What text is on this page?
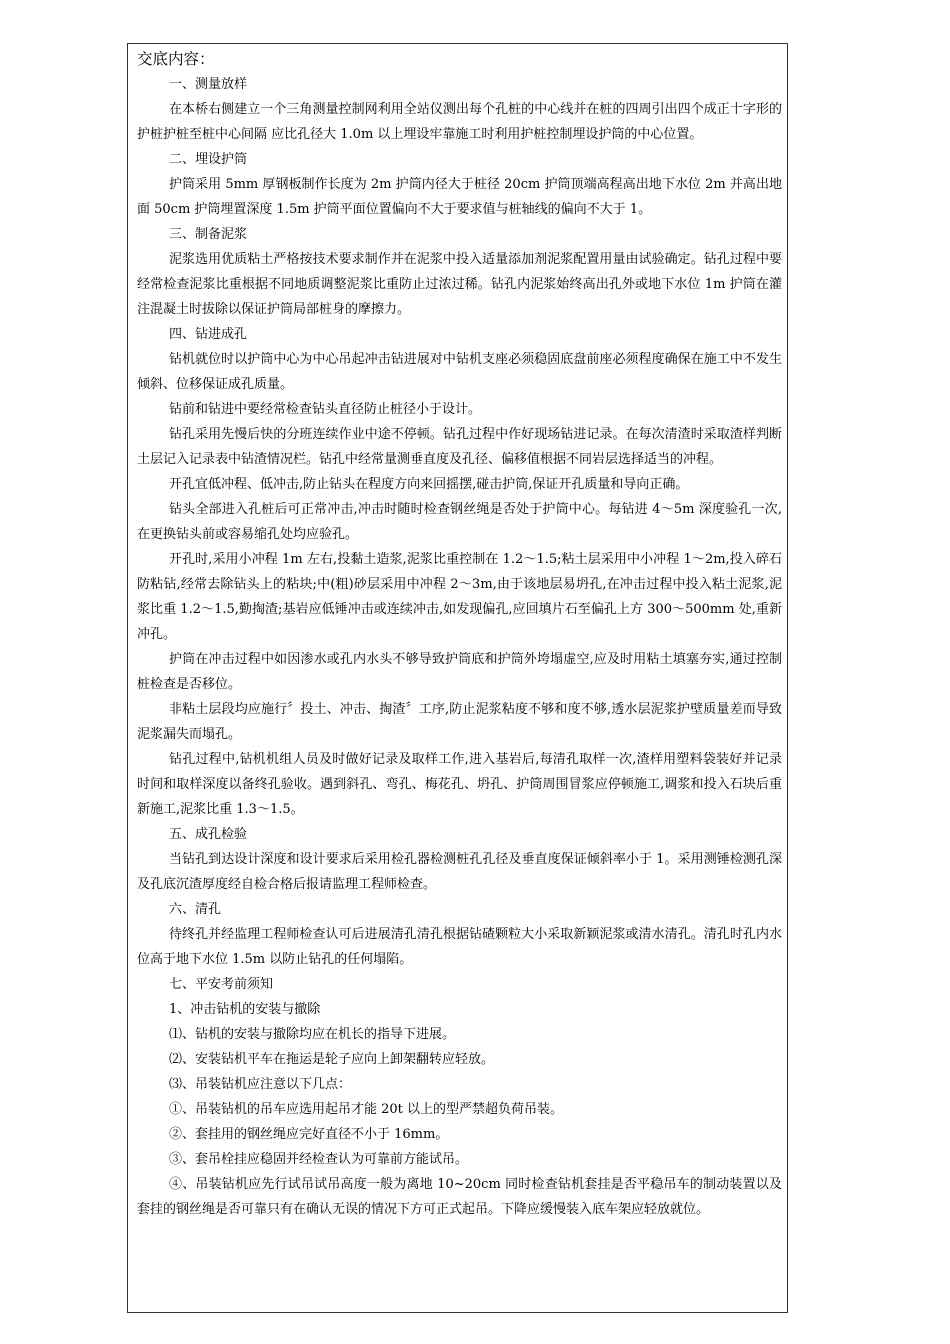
交底内容：
一、测量放样
在本桥右侧建立一个三角测量控制网利用全站仪测出每个孔桩的中心线并在桩的四周引出四个成正十字形的护桩护桩至桩中心间隔 应比孔径大 1.0m 以上埋设牢靠施工时利用护桩控制埋设护筒的中心位置。
二、埋设护筒
护筒采用 5mm 厚钢板制作长度为 2m 护筒内径大于桩径 20cm 护筒顶端高程高出地下水位 2m 并高出地面 50cm 护筒埋置深度 1.5m 护筒平面位置偏向不大于要求值与桩轴线的偏向不大于 1。
三、制备泥浆
泥浆选用优质粘土严格按技术要求制作并在泥浆中投入适量添加剂泥浆配置用量由试验确定。钻孔过程中要经常检查泥浆比重根据不同地质调整泥浆比重防止过浓过稀。钻孔内泥浆始终高出孔外或地下水位 1m 护筒在灌注混凝土时拔除以保证护筒局部桩身的摩擦力。
四、钻进成孔
钻机就位时以护筒中心为中心吊起冲击钻进展对中钻机支座必须稳固底盘前座必须程度确保在施工中不发生倾斜、位移保证成孔质量。
钻前和钻进中要经常检查钻头直径防止桩径小于设计。
钻孔采用先慢后快的分班连续作业中途不停顿。钻孔过程中作好现场钻进记录。在每次清渣时采取渣样判断土层记入记录表中钻渣情况栏。钻孔中经常量测垂直度及孔径、偏移值根据不同岩层选择适当的冲程。
开孔宜低冲程、低冲击,防止钻头在程度方向来回摇摆,碰击护筒,保证开孔质量和导向正确。
钻头全部进入孔桩后可正常冲击,冲击时随时检查钢丝绳是否处于护筒中心。每钻进 4～5m 深度验孔一次,在更换钻头前或容易缩孔处均应验孔。
开孔时,采用小冲程 1m 左右,投黏土造浆,泥浆比重控制在 1.2～1.5;粘土层采用中小冲程 1～2m,投入碎石防粘钻,经常去除钻头上的粘块;中(粗)砂层采用中冲程 2～3m,由于该地层易坍孔,在冲击过程中投入粘土泥浆,泥浆比重 1.2～1.5,勤掏渣;基岩应低锤冲击或连续冲击,如发现偏孔,应回填片石至偏孔上方 300～500mm 处,重新冲孔。
护筒在冲击过程中如因渗水或孔内水头不够导致护筒底和护筒外垮塌虚空,应及时用粘土填塞夯实,通过控制桩检查是否移位。
非粘土层段均应施行〞投土、冲击、掏渣〞工序,防止泥浆粘度不够和度不够,透水层泥浆护壁质量差而导致泥浆漏失而塌孔。
钻孔过程中,钻机机组人员及时做好记录及取样工作,进入基岩后,每清孔取样一次,渣样用塑料袋装好并记录时间和取样深度以备终孔验收。遇到斜孔、弯孔、梅花孔、坍孔、护筒周围冒浆应停顿施工,调浆和投入石块后重新施工,泥浆比重 1.3～1.5。
五、成孔检验
当钻孔到达设计深度和设计要求后采用检孔器检测桩孔孔径及垂直度保证倾斜率小于 1。采用测锤检测孔深及孔底沉渣厚度经自检合格后报请监理工程师检查。
六、清孔
待终孔并经监理工程师检查认可后进展清孔清孔根据钻碴颗粒大小采取新颖泥浆或清水清孔。清孔时孔内水位高于地下水位 1.5m 以防止钻孔的任何塌陷。
七、平安考前须知
1、冲击钻机的安装与撤除
⑴、钻机的安装与撤除均应在机长的指导下进展。
⑵、安装钻机平车在拖运是轮子应向上卸架翻转应轻放。
⑶、吊装钻机应注意以下几点：
①、吊装钻机的吊车应选用起吊才能 20t 以上的型严禁超负荷吊装。
②、套挂用的钢丝绳应完好直径不小于 16mm。
③、套吊栓挂应稳固并经检查认为可靠前方能试吊。
④、吊装钻机应先行试吊试吊高度一般为离地 10~20cm 同时检查钻机套挂是否平稳吊车的制动装置以及套挂的钢丝绳是否可靠只有在确认无误的情况下方可正式起吊。下降应缓慢装入底车架应轻放就位。
